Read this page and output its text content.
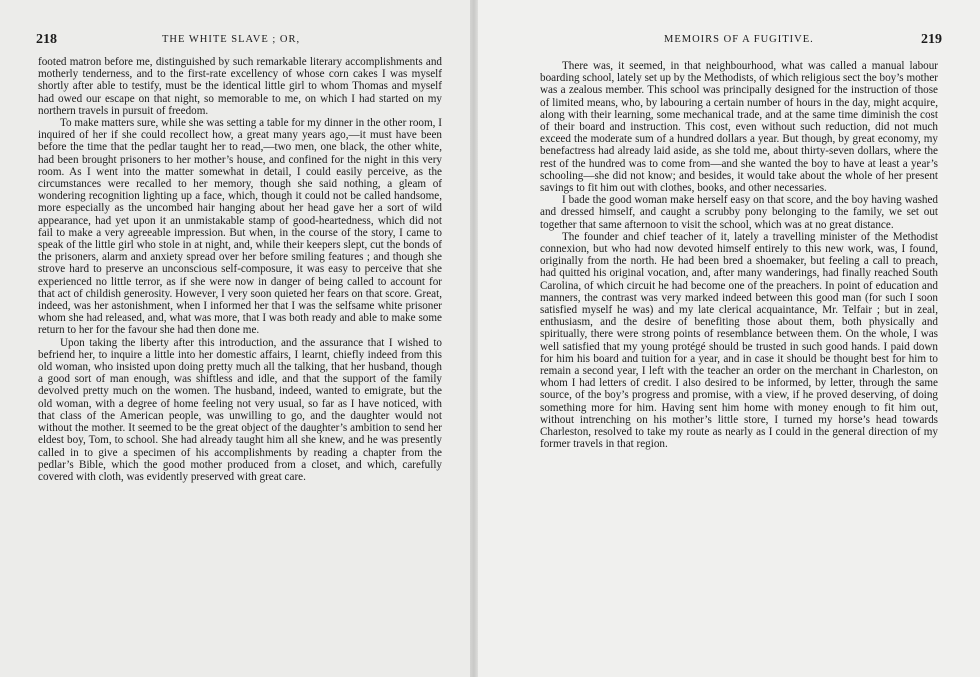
218	THE WHITE SLAVE ; OR,

footed matron before me, distinguished by such remarkable literary accomplishments and motherly tenderness, and to the first-rate excellency of whose corn cakes I was myself shortly after able to testify, must be the identical little girl to whom Thomas and myself had owed our escape on that night, so memorable to me, on which I had started on my northern travels in pursuit of freedom.

To make matters sure, while she was setting a table for my dinner in the other room, I inquired of her if she could recollect how, a great many years ago,—it must have been before the time that the pedlar taught her to read,—two men, one black, the other white, had been brought prisoners to her mother’s house, and confined for the night in this very room. As I went into the matter somewhat in detail, I could easily perceive, as the circumstances were recalled to her memory, though she said nothing, a gleam of wondering recognition lighting up a face, which, though it could not be called handsome, more especially as the uncombed hair hanging about her head gave her a sort of wild appearance, had yet upon it an unmistakable stamp of good-heartedness, which did not fail to make a very agreeable impression. But when, in the course of the story, I came to speak of the little girl who stole in at night, and, while their keepers slept, cut the bonds of the prisoners, alarm and anxiety spread over her before smiling features ; and though she strove hard to preserve an unconscious self-composure, it was easy to perceive that she experienced no little terror, as if she were now in danger of being called to account for that act of childish generosity. However, I very soon quieted her fears on that score. Great, indeed, was her astonishment, when I informed her that I was the selfsame white prisoner whom she had released, and, what was more, that I was both ready and able to make some return to her for the favour she had then done me.

Upon taking the liberty after this introduction, and the assurance that I wished to befriend her, to inquire a little into her domestic affairs, I learnt, chiefly indeed from this old woman, who insisted upon doing pretty much all the talking, that her husband, though a good sort of man enough, was shiftless and idle, and that the support of the family devolved pretty much on the women. The husband, indeed, wanted to emigrate, but the old woman, with a degree of home feeling not very usual, so far as I have noticed, with that class of the American people, was unwilling to go, and the daughter would not without the mother. It seemed to be the great object of the daughter’s ambition to send her eldest boy, Tom, to school. She had already taught him all she knew, and he was presently called in to give a specimen of his accomplishments by reading a chapter from the pedlar’s Bible, which the good mother produced from a closet, and which, carefully covered with cloth, was evidently preserved with great care.

MEMOIRS OF A FUGITIVE.	219

There was, it seemed, in that neighbourhood, what was called a manual labour boarding school, lately set up by the Methodists, of which religious sect the boy’s mother was a zealous member. This school was principally designed for the instruction of those of limited means, who, by labouring a certain number of hours in the day, might acquire, along with their learning, some mechanical trade, and at the same time diminish the cost of their board and instruction. This cost, even without such reduction, did not much exceed the moderate sum of a hundred dollars a year. But though, by great economy, my benefactress had already laid aside, as she told me, about thirty-seven dollars, where the rest of the hundred was to come from—and she wanted the boy to have at least a year’s schooling—she did not know; and besides, it would take about the whole of her present savings to fit him out with clothes, books, and other necessaries.

I bade the good woman make herself easy on that score, and the boy having washed and dressed himself, and caught a scrubby pony belonging to the family, we set out together that same afternoon to visit the school, which was at no great distance.

The founder and chief teacher of it, lately a travelling minister of the Methodist connexion, but who had now devoted himself entirely to this new work, was, I found, originally from the north. He had been bred a shoemaker, but feeling a call to preach, had quitted his original vocation, and, after many wanderings, had finally reached South Carolina, of which circuit he had become one of the preachers. In point of education and manners, the contrast was very marked indeed between this good man (for such I soon satisfied myself he was) and my late clerical acquaintance, Mr. Telfair ; but in zeal, enthusiasm, and the desire of benefiting those about them, both physically and spiritually, there were strong points of resemblance between them. On the whole, I was well satisfied that my young protégé should be trusted in such good hands. I paid down for him his board and tuition for a year, and in case it should be thought best for him to remain a second year, I left with the teacher an order on the merchant in Charleston, on whom I had letters of credit. I also desired to be informed, by letter, through the same source, of the boy’s progress and promise, with a view, if he proved deserving, of doing something more for him. Having sent him home with money enough to fit him out, without intrenching on his mother’s little store, I turned my horse’s head towards Charleston, resolved to take my route as nearly as I could in the general direction of my former travels in that region.
